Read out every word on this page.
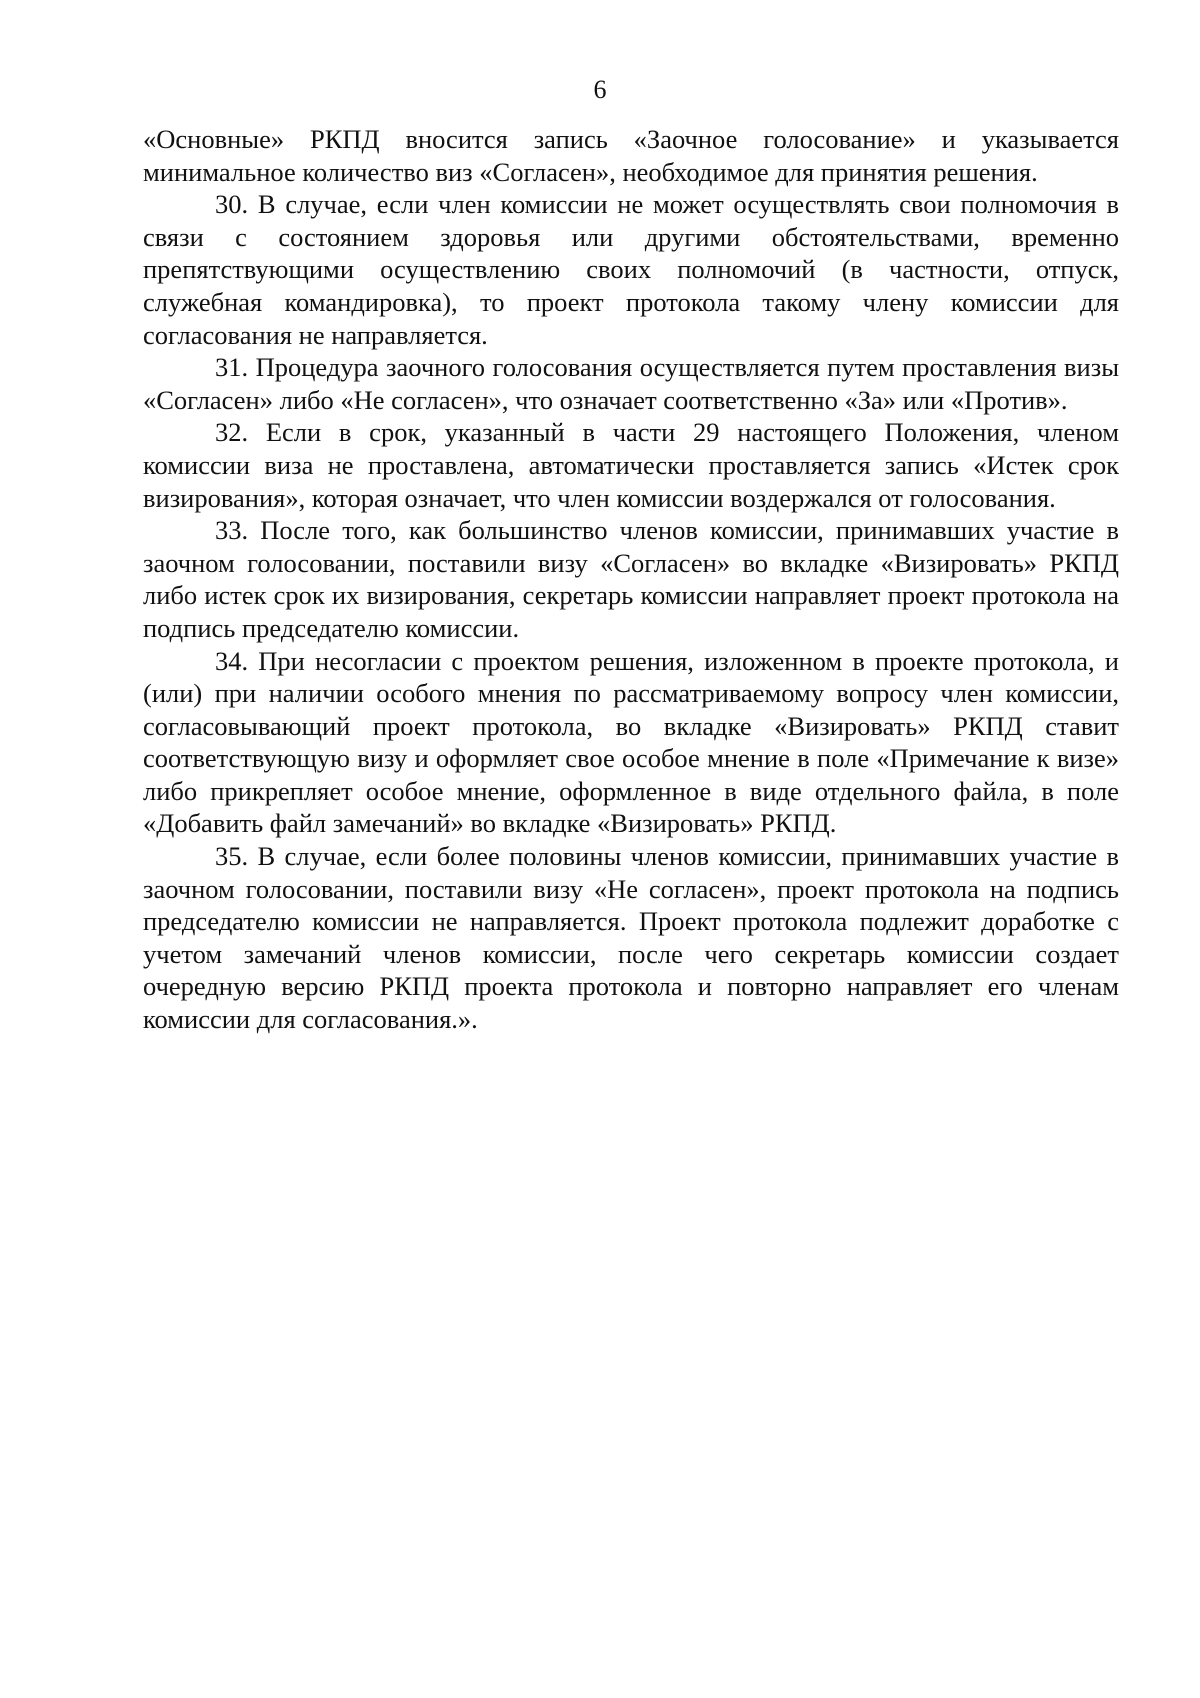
6

«Основные» РКПД вносится запись «Заочное голосование» и указывается минимальное количество виз «Согласен», необходимое для принятия решения.

30. В случае, если член комиссии не может осуществлять свои полномочия в связи с состоянием здоровья или другими обстоятельствами, временно препятствующими осуществлению своих полномочий (в частности, отпуск, служебная командировка), то проект протокола такому члену комиссии для согласования не направляется.

31. Процедура заочного голосования осуществляется путем проставления визы «Согласен» либо «Не согласен», что означает соответственно «За» или «Против».

32. Если в срок, указанный в части 29 настоящего Положения, членом комиссии виза не проставлена, автоматически проставляется запись «Истек срок визирования», которая означает, что член комиссии воздержался от голосования.

33. После того, как большинство членов комиссии, принимавших участие в заочном голосовании, поставили визу «Согласен» во вкладке «Визировать» РКПД либо истек срок их визирования, секретарь комиссии направляет проект протокола на подпись председателю комиссии.

34. При несогласии с проектом решения, изложенном в проекте протокола, и (или) при наличии особого мнения по рассматриваемому вопросу член комиссии, согласовывающий проект протокола, во вкладке «Визировать» РКПД ставит соответствующую визу и оформляет свое особое мнение в поле «Примечание к визе» либо прикрепляет особое мнение, оформленное в виде отдельного файла, в поле «Добавить файл замечаний» во вкладке «Визировать» РКПД.

35. В случае, если более половины членов комиссии, принимавших участие в заочном голосовании, поставили визу «Не согласен», проект протокола на подпись председателю комиссии не направляется. Проект протокола подлежит доработке с учетом замечаний членов комиссии, после чего секретарь комиссии создает очередную версию РКПД проекта протокола и повторно направляет его членам комиссии для согласования.».
